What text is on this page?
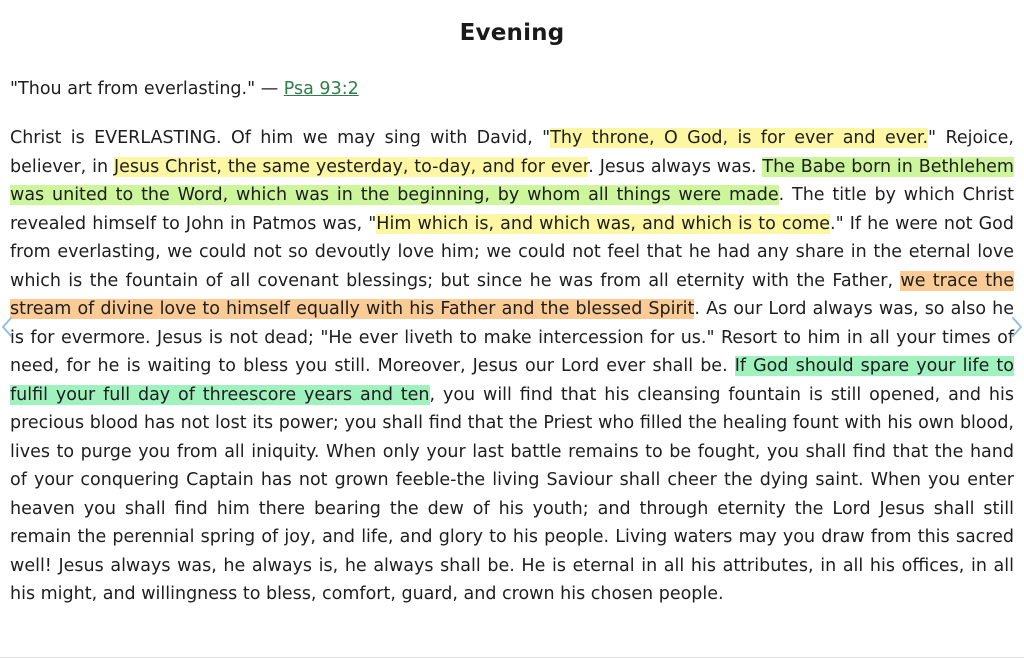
Evening
"Thou art from everlasting." — Psa 93:2

Christ is EVERLASTING. Of him we may sing with David, "Thy throne, O God, is for ever and ever." Rejoice, believer, in Jesus Christ, the same yesterday, to-day, and for ever. Jesus always was. The Babe born in Bethlehem was united to the Word, which was in the beginning, by whom all things were made. The title by which Christ revealed himself to John in Patmos was, "Him which is, and which was, and which is to come." If he were not God from everlasting, we could not so devoutly love him; we could not feel that he had any share in the eternal love which is the fountain of all covenant blessings; but since he was from all eternity with the Father, we trace the stream of divine love to himself equally with his Father and the blessed Spirit. As our Lord always was, so also he is for evermore. Jesus is not dead; "He ever liveth to make intercession for us." Resort to him in all your times of need, for he is waiting to bless you still. Moreover, Jesus our Lord ever shall be. If God should spare your life to fulfil your full day of threescore years and ten, you will find that his cleansing fountain is still opened, and his precious blood has not lost its power; you shall find that the Priest who filled the healing fount with his own blood, lives to purge you from all iniquity. When only your last battle remains to be fought, you shall find that the hand of your conquering Captain has not grown feeble-the living Saviour shall cheer the dying saint. When you enter heaven you shall find him there bearing the dew of his youth; and through eternity the Lord Jesus shall still remain the perennial spring of joy, and life, and glory to his people. Living waters may you draw from this sacred well! Jesus always was, he always is, he always shall be. He is eternal in all his attributes, in all his offices, in all his might, and willingness to bless, comfort, guard, and crown his chosen people.
